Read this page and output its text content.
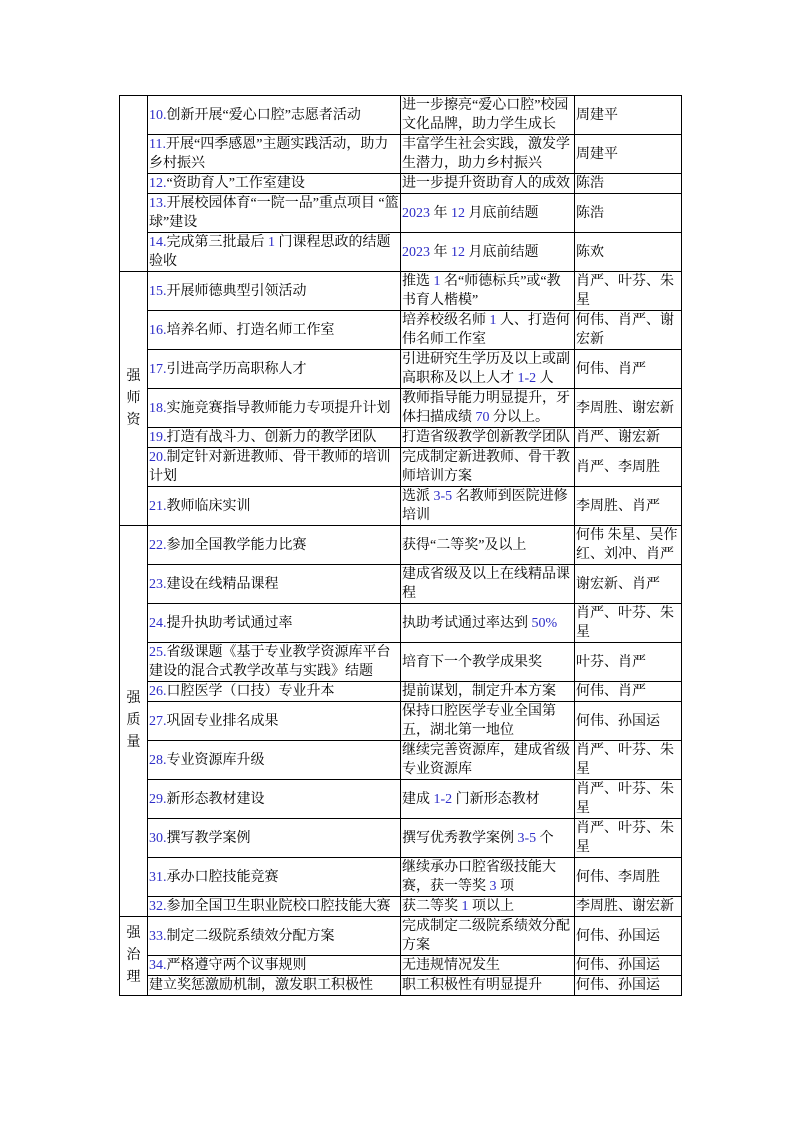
	10.创新开展“爱心口腔”志愿者活动	进一步擦亮“爱心口腔”校园文化品牌，助力学生成长	周建平
	11.开展“四季感恩”主题实践活动，助力乡村振兴	丰富学生社会实践，激发学生潜力，助力乡村振兴	周建平
	12.“资助育人”工作室建设	进一步提升资助育人的成效	陈浩
	13.开展校园体育“一院一品”重点项目 “篮球”建设	2023 年 12 月底前结题	陈浩
	14.完成第三批最后 1 门课程思政的结题验收	2023 年 12 月底前结题	陈欢

强师资	15.开展师德典型引领活动	推选 1 名“师德标兵”或“教书育人楷模”	肖严、叶芬、朱星
	16.培养名师、打造名师工作室	培养校级名师 1 人、打造何伟名师工作室	何伟、肖严、谢宏新
	17.引进高学历高职称人才	引进研究生学历及以上或副高职称及以上人才 1-2 人	何伟、肖严
	18.实施竞赛指导教师能力专项提升计划	教师指导能力明显提升，牙体扫描成绩 70 分以上。	李周胜、谢宏新
	19.打造有战斗力、创新力的教学团队	打造省级教学创新教学团队	肖严、谢宏新
	20.制定针对新进教师、骨干教师的培训计划	完成制定新进教师、骨干教师培训方案	肖严、李周胜
	21.教师临床实训	选派 3-5 名教师到医院进修培训	李周胜、肖严

强质量	22.参加全国教学能力比赛	获得“二等奖”及以上	何伟 朱星、吴作红、刘冲、肖严
	23.建设在线精品课程	建成省级及以上在线精品课程	谢宏新、肖严
	24.提升执助考试通过率	执助考试通过率达到 50%	肖严、叶芬、朱星
	25.省级课题《基于专业教学资源库平台建设的混合式教学改革与实践》结题	培育下一个教学成果奖	叶芬、肖严
	26.口腔医学（口技）专业升本	提前谋划，制定升本方案	何伟、肖严
	27.巩固专业排名成果	保持口腔医学专业全国第五，湖北第一地位	何伟、孙国运
	28.专业资源库升级	继续完善资源库，建成省级专业资源库	肖严、叶芬、朱星
	29.新形态教材建设	建成 1-2 门新形态教材	肖严、叶芬、朱星
	30.撰写教学案例	撰写优秀教学案例 3-5 个	肖严、叶芬、朱星
	31.承办口腔技能竞赛	继续承办口腔省级技能大赛，获一等奖 3 项	何伟、李周胜
	32.参加全国卫生职业院校口腔技能大赛	获二等奖 1 项以上	李周胜、谢宏新

强治理	33.制定二级院系绩效分配方案	完成制定二级院系绩效分配方案	何伟、孙国运
	34.严格遵守两个议事规则	无违规情况发生	何伟、孙国运
	建立奖惩激励机制，激发职工积极性	职工积极性有明显提升	何伟、孙国运
